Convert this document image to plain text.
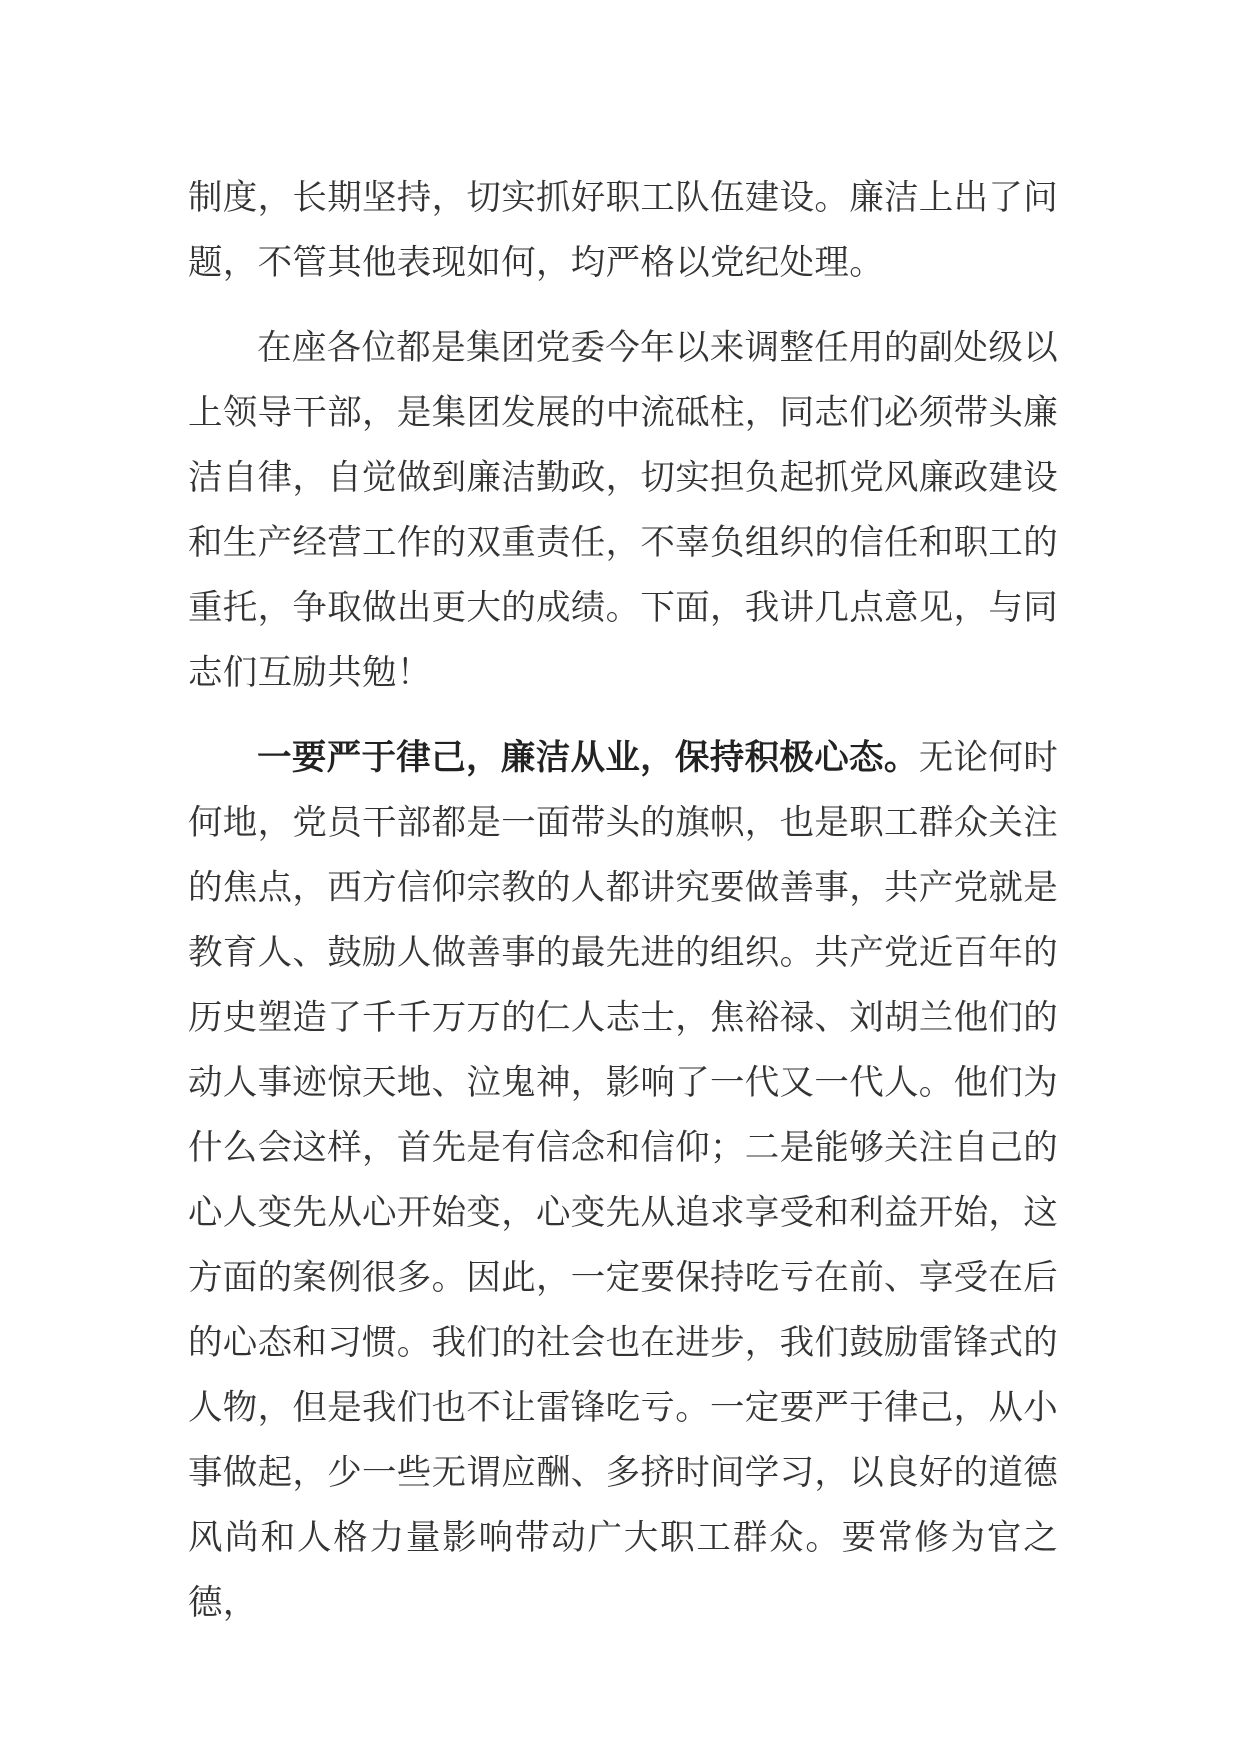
制度，长期坚持，切实抓好职工队伍建设。廉洁上出了问题，不管其他表现如何，均严格以党纪处理。

在座各位都是集团党委今年以来调整任用的副处级以上领导干部，是集团发展的中流砥柱，同志们必须带头廉洁自律，自觉做到廉洁勤政，切实担负起抓党风廉政建设和生产经营工作的双重责任，不辜负组织的信任和职工的重托，争取做出更大的成绩。下面，我讲几点意见，与同志们互励共勉！

一要严于律己，廉洁从业，保持积极心态。无论何时何地，党员干部都是一面带头的旗帜，也是职工群众关注的焦点，西方信仰宗教的人都讲究要做善事，共产党就是教育人、鼓励人做善事的最先进的组织。共产党近百年的历史塑造了千千万万的仁人志士，焦裕禄、刘胡兰他们的动人事迹惊天地、泣鬼神，影响了一代又一代人。他们为什么会这样，首先是有信念和信仰；二是能够关注自己的心人变先从心开始变，心变先从追求享受和利益开始，这方面的案例很多。因此，一定要保持吃亏在前、享受在后的心态和习惯。我们的社会也在进步，我们鼓励雷锋式的人物，但是我们也不让雷锋吃亏。一定要严于律己，从小事做起，少一些无谓应酬、多挤时间学习，以良好的道德风尚和人格力量影响带动广大职工群众。要常修为官之德，
